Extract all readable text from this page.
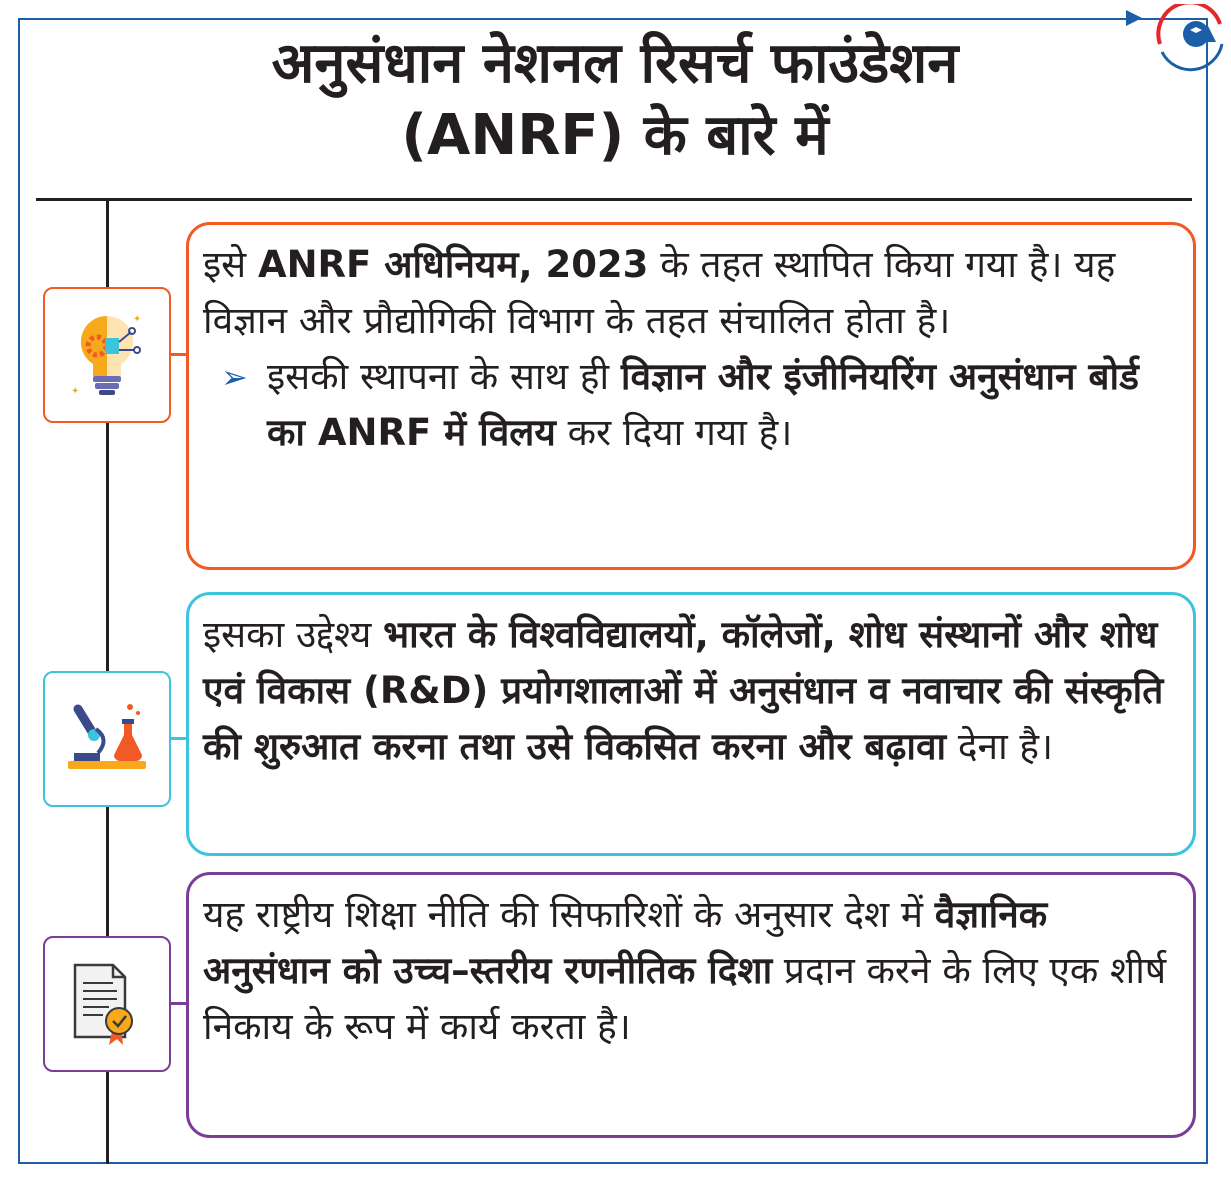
अनुसंधान नेशनल रिसर्च फाउंडेशन
(ANRF) के बारे में
✦
✦

इसे ANRF अधिनियम, 2023 के तहत स्थापित किया गया है। यह विज्ञान और प्रौद्योगिकी विभाग के तहत संचालित होता है।

➢ इसकी स्थापना के साथ ही विज्ञान और इंजीनियरिंग अनुसंधान बोर्ड का ANRF में विलय कर दिया गया है।

इसका उद्देश्य भारत के विश्वविद्यालयों, कॉलेजों, शोध संस्थानों और शोध एवं विकास (R&D) प्रयोगशालाओं में अनुसंधान व नवाचार की संस्कृति की शुरुआत करना तथा उसे विकसित करना और बढ़ावा देना है।

यह राष्ट्रीय शिक्षा नीति की सिफारिशों के अनुसार देश में वैज्ञानिक अनुसंधान को उच्च–स्तरीय रणनीतिक दिशा प्रदान करने के लिए एक शीर्ष निकाय के रूप में कार्य करता है।
